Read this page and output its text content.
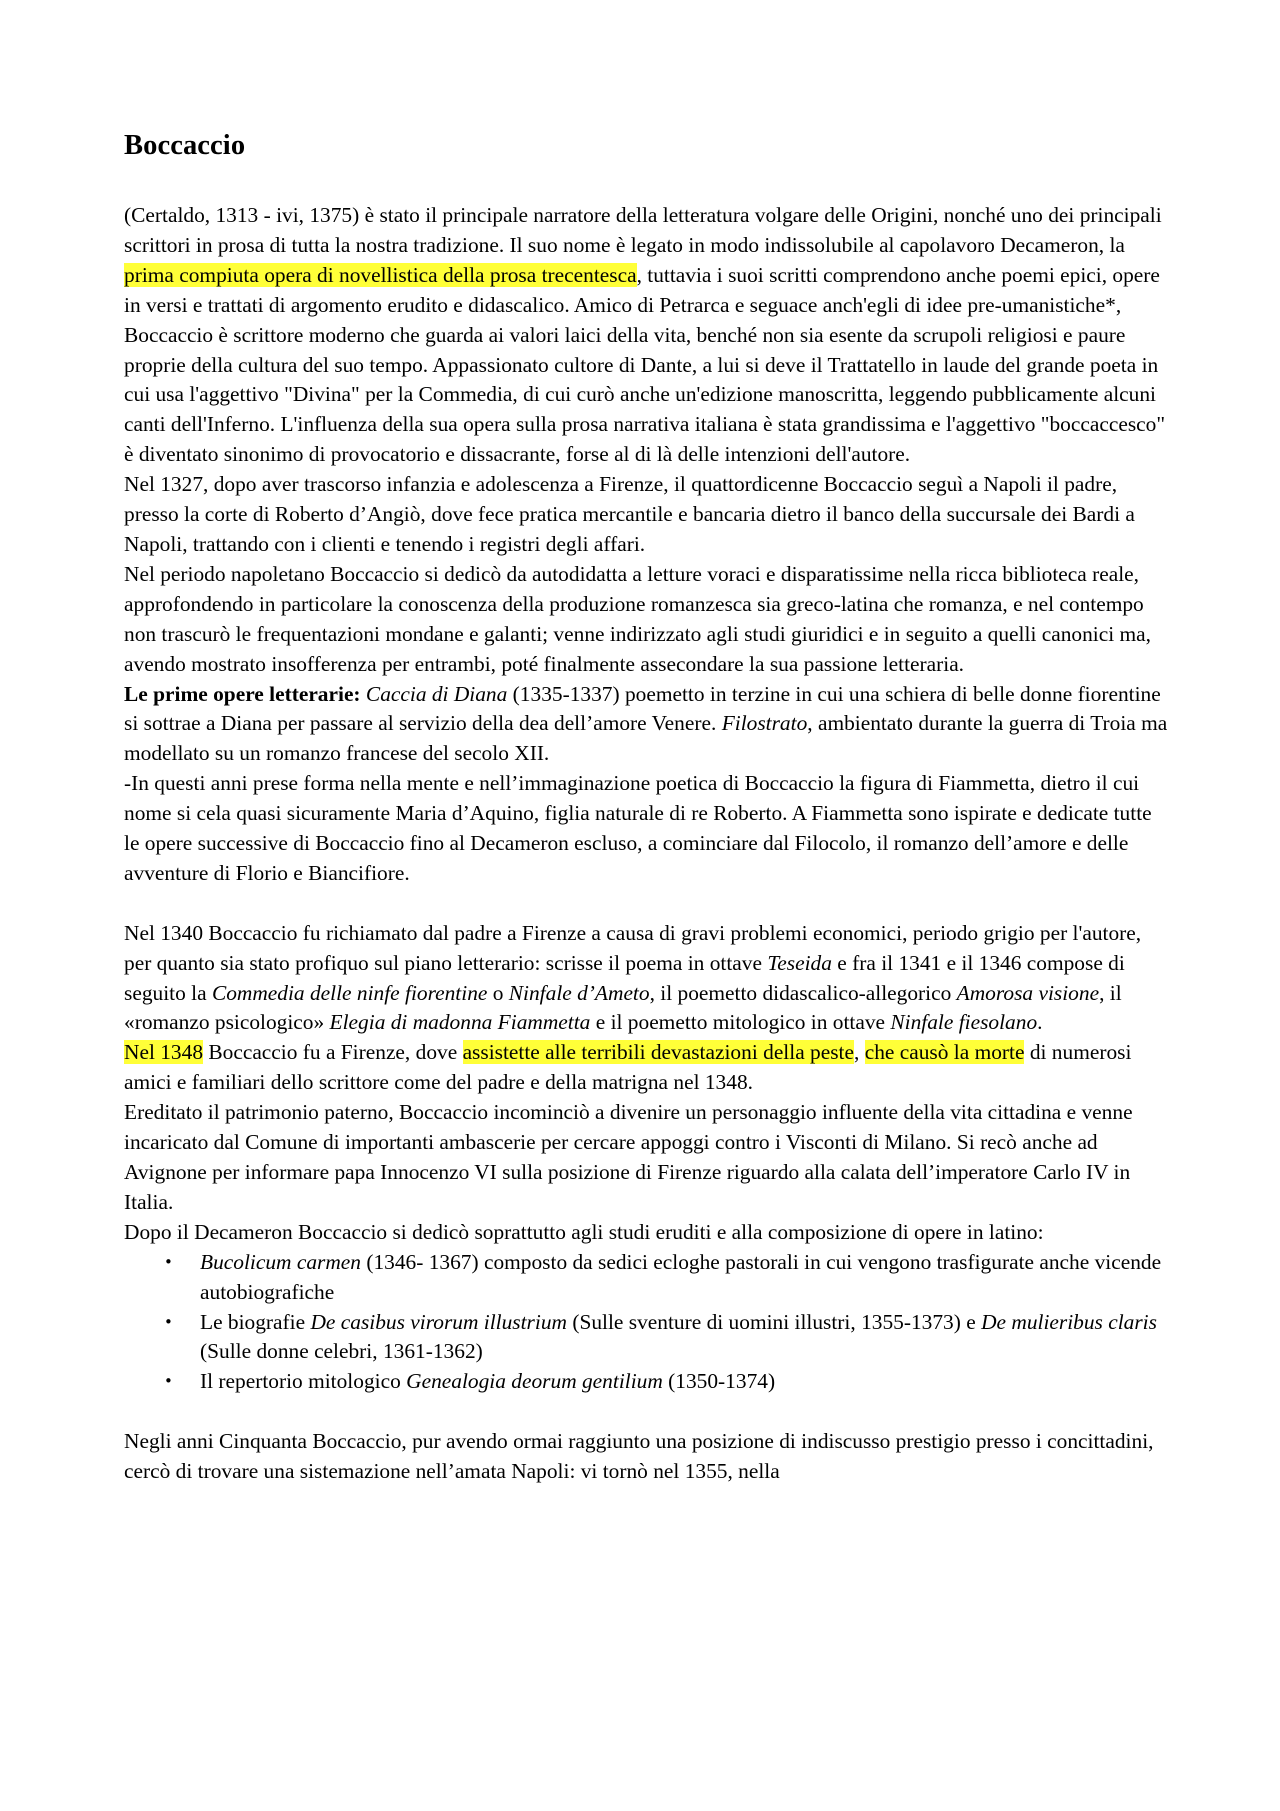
Boccaccio

(Certaldo, 1313 - ivi, 1375) è stato il principale narratore della letteratura volgare delle Origini, nonché uno dei principali scrittori in prosa di tutta la nostra tradizione. Il suo nome è legato in modo indissolubile al capolavoro Decameron, la prima compiuta opera di novellistica della prosa trecentesca, tuttavia i suoi scritti comprendono anche poemi epici, opere in versi e trattati di argomento erudito e didascalico. Amico di Petrarca e seguace anch'egli di idee pre-umanistiche*, Boccaccio è scrittore moderno che guarda ai valori laici della vita, benché non sia esente da scrupoli religiosi e paure proprie della cultura del suo tempo. Appassionato cultore di Dante, a lui si deve il Trattatello in laude del grande poeta in cui usa l'aggettivo "Divina" per la Commedia, di cui curò anche un'edizione manoscritta, leggendo pubblicamente alcuni canti dell'Inferno. L'influenza della sua opera sulla prosa narrativa italiana è stata grandissima e l'aggettivo "boccaccesco" è diventato sinonimo di provocatorio e dissacrante, forse al di là delle intenzioni dell'autore.

Nel 1327, dopo aver trascorso infanzia e adolescenza a Firenze, il quattordicenne Boccaccio seguì a Napoli il padre, presso la corte di Roberto d’Angiò, dove fece pratica mercantile e bancaria dietro il banco della succursale dei Bardi a Napoli, trattando con i clienti e tenendo i registri degli affari.

Nel periodo napoletano Boccaccio si dedicò da autodidatta a letture voraci e disparatissime nella ricca biblioteca reale, approfondendo in particolare la conoscenza della produzione romanzesca sia greco-latina che romanza, e nel contempo non trascurò le frequentazioni mondane e galanti; venne indirizzato agli studi giuridici e in seguito a quelli canonici ma, avendo mostrato insofferenza per entrambi, poté finalmente assecondare la sua passione letteraria.

Le prime opere letterarie: Caccia di Diana (1335-1337) poemetto in terzine in cui una schiera di belle donne fiorentine si sottrae a Diana per passare al servizio della dea dell’amore Venere. Filostrato, ambientato durante la guerra di Troia ma modellato su un romanzo francese del secolo XII.

-In questi anni prese forma nella mente e nell’immaginazione poetica di Boccaccio la figura di Fiammetta, dietro il cui nome si cela quasi sicuramente Maria d’Aquino, figlia naturale di re Roberto. A Fiammetta sono ispirate e dedicate tutte le opere successive di Boccaccio fino al Decameron escluso, a cominciare dal Filocolo, il romanzo dell’amore e delle avventure di Florio e Biancifiore.

Nel 1340 Boccaccio fu richiamato dal padre a Firenze a causa di gravi problemi economici, periodo grigio per l'autore, per quanto sia stato profiquo sul piano letterario: scrisse il poema in ottave Teseida e fra il 1341 e il 1346 compose di seguito la Commedia delle ninfe fiorentine o Ninfale d’Ameto, il poemetto didascalico-allegorico Amorosa visione, il «romanzo psicologico» Elegia di madonna Fiammetta e il poemetto mitologico in ottave Ninfale fiesolano.

Nel 1348 Boccaccio fu a Firenze, dove assistette alle terribili devastazioni della peste, che causò la morte di numerosi amici e familiari dello scrittore come del padre e della matrigna nel 1348.

Ereditato il patrimonio paterno, Boccaccio incominciò a divenire un personaggio influente della vita cittadina e venne incaricato dal Comune di importanti ambascerie per cercare appoggi contro i Visconti di Milano. Si recò anche ad Avignone per informare papa Innocenzo VI sulla posizione di Firenze riguardo alla calata dell’imperatore Carlo IV in Italia.

Dopo il Decameron Boccaccio si dedicò soprattutto agli studi eruditi e alla composizione di opere in latino:

• Bucolicum carmen (1346- 1367) composto da sedici ecloghe pastorali in cui vengono trasfigurate anche vicende autobiografiche
• Le biografie De casibus virorum illustrium (Sulle sventure di uomini illustri, 1355-1373) e De mulieribus claris (Sulle donne celebri, 1361-1362)
• Il repertorio mitologico Genealogia deorum gentilium (1350-1374)

Negli anni Cinquanta Boccaccio, pur avendo ormai raggiunto una posizione di indiscusso prestigio presso i concittadini, cercò di trovare una sistemazione nell’amata Napoli: vi tornò nel 1355, nella
